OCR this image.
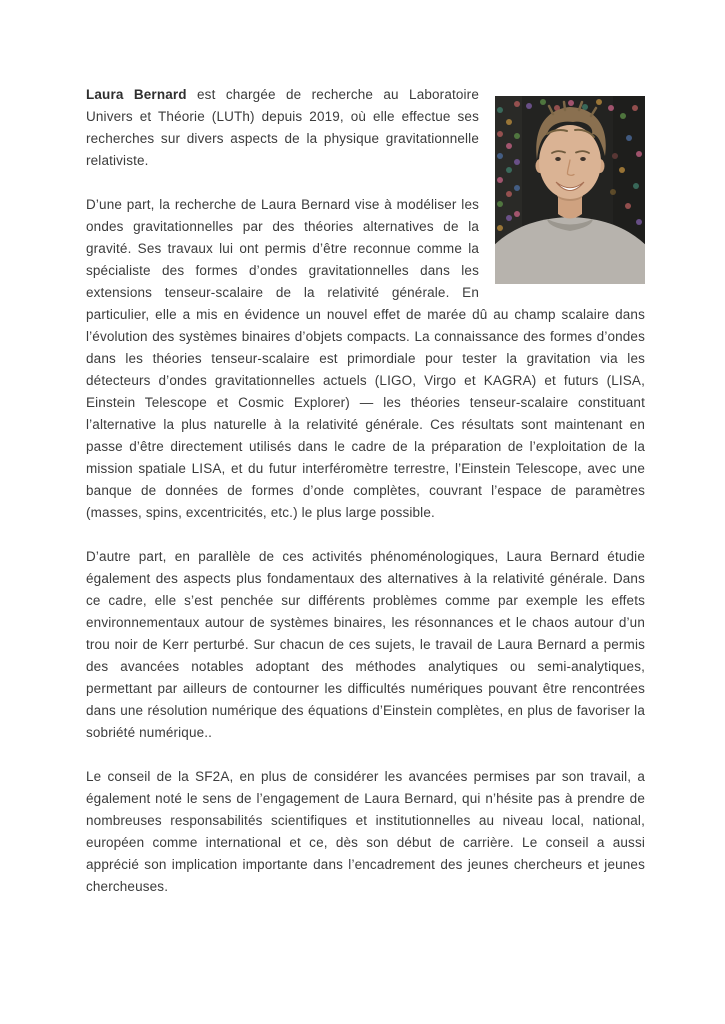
Laura Bernard est chargée de recherche au Laboratoire Univers et Théorie (LUTh) depuis 2019, où elle effectue ses recherches sur divers aspects de la physique gravitationnelle relativiste.

D’une part, la recherche de Laura Bernard vise à modéliser les ondes gravitationnelles par des théories alternatives de la gravité. Ses travaux lui ont permis d’être reconnue comme la spécialiste des formes d’ondes gravitationnelles dans les extensions tenseur-scalaire de la relativité générale. En particulier, elle a mis en évidence un nouvel effet de marée dû au champ scalaire dans l’évolution des systèmes binaires d’objets compacts. La connaissance des formes d’ondes dans les théories tenseur-scalaire est primordiale pour tester la gravitation via les détecteurs d’ondes gravitationnelles actuels (LIGO, Virgo et KAGRA) et futurs (LISA, Einstein Telescope et Cosmic Explorer) — les théories tenseur-scalaire constituant l’alternative la plus naturelle à la relativité générale. Ces résultats sont maintenant en passe d’être directement utilisés dans le cadre de la préparation de l’exploitation de la mission spatiale LISA, et du futur interféromètre terrestre, l’Einstein Telescope, avec une banque de données de formes d’onde complètes, couvrant l’espace de paramètres (masses, spins, excentricités, etc.) le plus large possible.

D’autre part, en parallèle de ces activités phénoménologiques, Laura Bernard étudie également des aspects plus fondamentaux des alternatives à la relativité générale. Dans ce cadre, elle s’est penchée sur différents problèmes comme par exemple les effets environnementaux autour de systèmes binaires, les résonnances et le chaos autour d’un trou noir de Kerr perturbé. Sur chacun de ces sujets, le travail de Laura Bernard a permis des avancées notables adoptant des méthodes analytiques ou semi-analytiques, permettant par ailleurs de contourner les difficultés numériques pouvant être rencontrées dans une résolution numérique des équations d’Einstein complètes, en plus de favoriser la sobriété numérique..

Le conseil de la SF2A, en plus de considérer les avancées permises par son travail, a également noté le sens de l’engagement de Laura Bernard, qui n’hésite pas à prendre de nombreuses responsabilités scientifiques et institutionnelles au niveau local, national, européen comme international et ce, dès son début de carrière. Le conseil a aussi apprécié son implication importante dans l’encadrement des jeunes chercheurs et jeunes chercheuses.
